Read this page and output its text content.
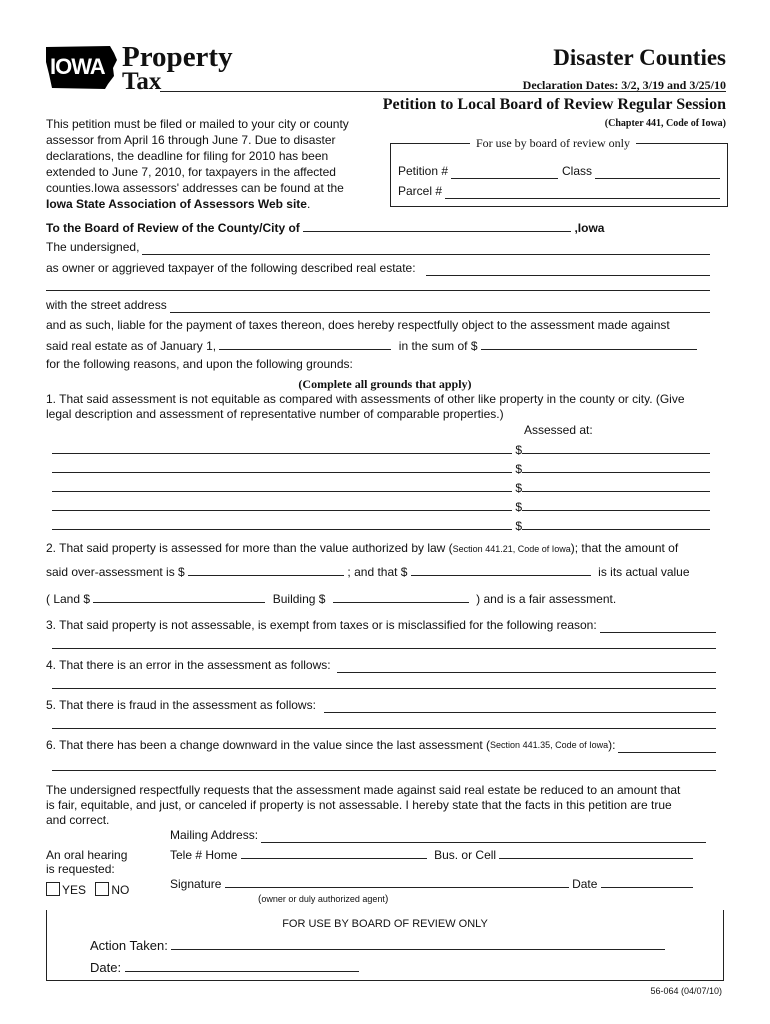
IOWA Property
Tax
Disaster Counties
Declaration Dates: 3/2, 3/19 and 3/25/10
Petition to Local Board of Review Regular Session
(Chapter 441, Code of Iowa)
This petition must be filed or mailed to your city or county
assessor from April 16 through June 7. Due to disaster
declarations, the deadline for filing for 2010 has been
extended to June 7, 2010, for taxpayers in the affected
counties.Iowa assessors' addresses can be found at the
Iowa State Association of Assessors Web site.
For use by board of review only
Petition #	Class
Parcel #
To the Board of Review of the County/City of	,Iowa
The undersigned,
as owner or aggrieved taxpayer of the following described real estate:
with the street address
and as such, liable for the payment of taxes thereon, does hereby respectfully object to the assessment made against
said real estate as of January 1,	in the sum of $
for the following reasons, and upon the following grounds:
(Complete all grounds that apply)
1. That said assessment is not equitable as compared with assessments of other like property in the county or city. (Give
legal description and assessment of representative number of comparable properties.)
Assessed at:
$
$
$
$
$
2. That said property is assessed for more than the value authorized by law (Section 441.21, Code of Iowa); that the amount of
said over-assessment is $	; and that $	is its actual value
( Land $	Building $	) and is a fair assessment.
3. That said property is not assessable, is exempt from taxes or is misclassified for the following reason:
4. That there is an error in the assessment as follows:
5. That there is fraud in the assessment as follows:
6. That there has been a change downward in the value since the last assessment ( Section 441.35, Code of Iowa ):
The undersigned respectfully requests that the assessment made against said real estate be reduced to an amount that
is fair, equitable, and just, or canceled if property is not assessable. I hereby state that the facts in this petition are true
and correct.
Mailing Address:
An oral hearing
is requested:
Tele # Home	Bus. or Cell
YES NO	Signature	Date
(owner or duly authorized agent)
FOR USE BY BOARD OF REVIEW ONLY
Action Taken:
Date:
56-064 (04/07/10)
